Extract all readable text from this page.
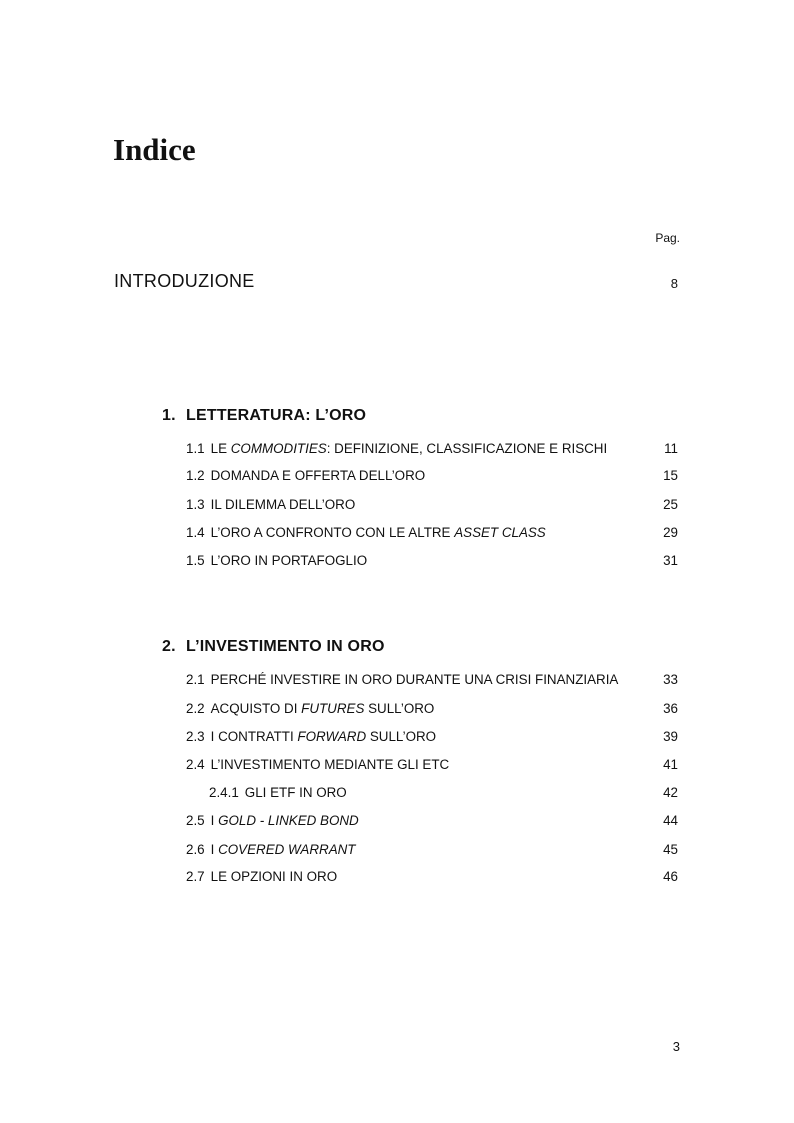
Indice
Pag.
INTRODUZIONE	8
1. LETTERATURA: L’ORO
1.1 LE COMMODITIES: DEFINIZIONE, CLASSIFICAZIONE E RISCHI	11
1.2 DOMANDA E OFFERTA DELL’ORO	15
1.3 IL DILEMMA DELL’ORO	25
1.4 L’ORO A CONFRONTO CON LE ALTRE ASSET CLASS	29
1.5 L’ORO IN PORTAFOGLIO	31
2. L’INVESTIMENTO IN ORO
2.1 PERCHÉ INVESTIRE IN ORO DURANTE UNA CRISI FINANZIARIA	33
2.2 ACQUISTO DI FUTURES SULL’ORO	36
2.3 I CONTRATTI FORWARD SULL’ORO	39
2.4 L’INVESTIMENTO MEDIANTE GLI ETC	41
2.4.1 GLI ETF IN ORO	42
2.5 I GOLD - LINKED BOND	44
2.6 I COVERED WARRANT	45
2.7 LE OPZIONI IN ORO	46
3
